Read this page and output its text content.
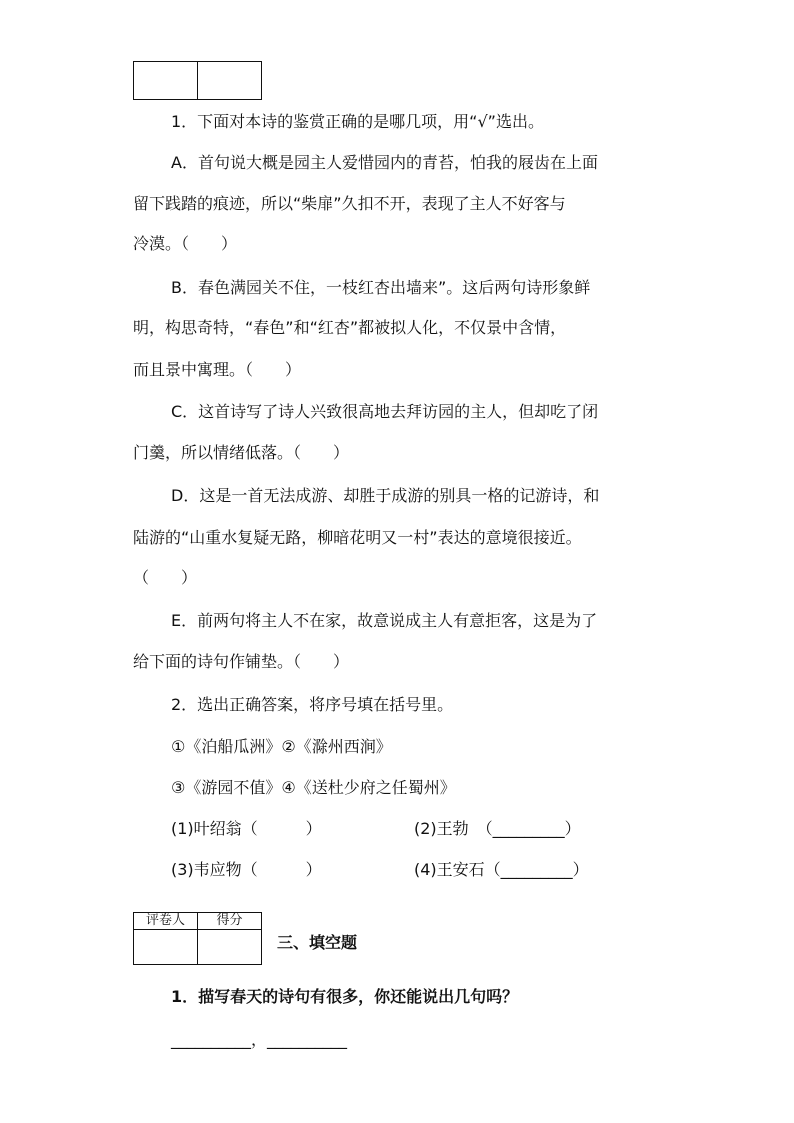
1．下面对本诗的鉴赏正确的是哪几项，用“√”选出。
A．首句说大概是园主人爱惜园内的青苔，怕我的屐齿在上面
留下践踏的痕迹，所以“柴扉”久扣不开，表现了主人不好客与
冷漠。（　　）
B．春色满园关不住，一枝红杏出墙来”。这后两句诗形象鲜
明，构思奇特，“春色”和“红杏”都被拟人化，不仅景中含情，
而且景中寓理。（　　）
C．这首诗写了诗人兴致很高地去拜访园的主人，但却吃了闭
门羹，所以情绪低落。（　　）
D．这是一首无法成游、却胜于成游的别具一格的记游诗，和
陆游的“山重水复疑无路，柳暗花明又一村”表达的意境很接近。
（　　）
E．前两句将主人不在家，故意说成主人有意拒客，这是为了
给下面的诗句作铺垫。（　　）
2．选出正确答案，将序号填在括号里。
①《泊船瓜洲》②《滁州西涧》
③《游园不值》④《送杜少府之任蜀州》
(1)叶绍翁（　　　）	(2)王勃　（_________）
(3)韦应物（　　　）	(4)王安石（_________）
评卷人	得分

三、填空题
1．描写春天的诗句有很多，你还能说出几句吗？
__________，__________
